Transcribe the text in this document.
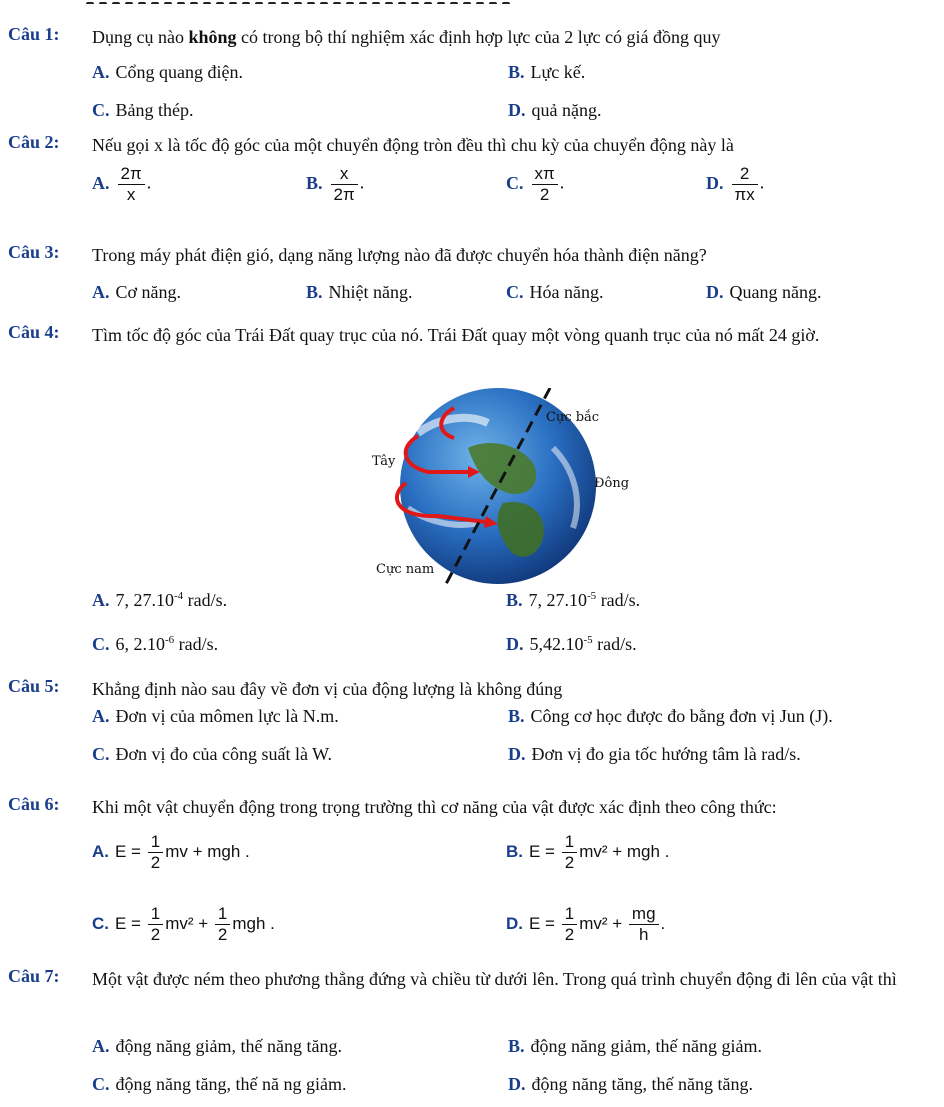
Câu 1: Dụng cụ nào không có trong bộ thí nghiệm xác định hợp lực của 2 lực có giá đồng quy
A. Cổng quang điện.	B. Lực kế.
C. Bảng thép.	D. quả nặng.
Câu 2: Nếu gọi x là tốc độ góc của một chuyển động tròn đều thì chu kỳ của chuyển động này là
A. $\frac{2\pi}{x}$ .	B. $\frac{x}{2\pi}$ .	C. $\frac{x\pi}{2}$ .	D. $\frac{2}{\pi x}$ .
Câu 3: Trong máy phát điện gió, dạng năng lượng nào đã được chuyển hóa thành điện năng?
A. Cơ năng.	B. Nhiệt năng.	C. Hóa năng.	D. Quang năng.
Câu 4: Tìm tốc độ góc của Trái Đất quay trục của nó. Trái Đất quay một vòng quanh trục của nó mất 24 giờ.
Cực bắc
Tây
Đông
Cực nam
A. 7, $27.10^{-4}$ rad/s.	B. 7, $27.10^{-5}$ rad/s.
C. 6, $2.10^{-6}$ rad/s.	D. $5,42.10^{-5}$ rad/s.
Câu 5: Khẳng định nào sau đây về đơn vị của động lượng là không đúng
A. Đơn vị của mômen lực là N.m.	B. Công cơ học được đo bằng đơn vị Jun (J).
C. Đơn vị đo của công suất là W.	D. Đơn vị đo gia tốc hướng tâm là rad/s.
Câu 6: Khi một vật chuyển động trong trọng trường thì cơ năng của vật được xác định theo công thức:
A. $E = \frac{1}{2}$ mv + mgh .	B. $E = \frac{1}{2} mv^2$ + mgh .
C. $E = \frac{1}{2} mv^2 + \frac{1}{2}$ mgh .	D. $E = \frac{1}{2} mv^2 + \frac{mg}{h}$ .
Câu 7: Một vật được ném theo phương thẳng đứng và chiều từ dưới lên. Trong quá trình chuyển động đi lên của vật thì
A. động năng giảm, thế năng tăng.	B. động năng giảm, thế năng giảm.
C. động năng tăng, thế nă ng giảm.	D. động năng tăng, thế năng tăng.
